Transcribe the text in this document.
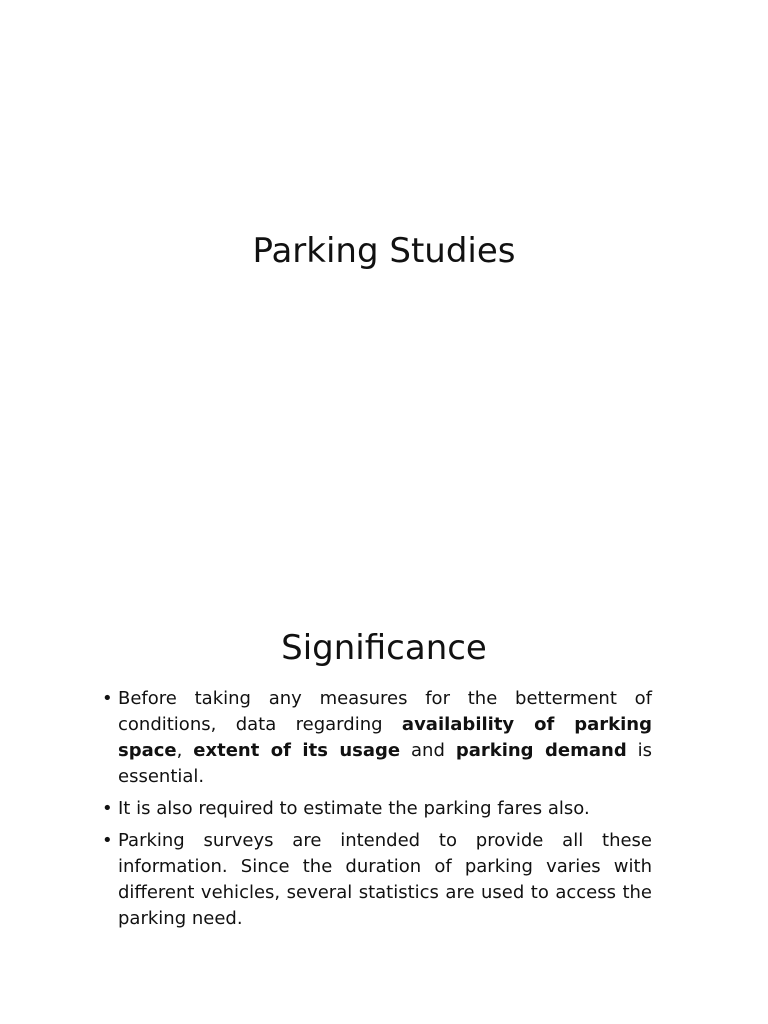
Parking Studies
Significance
• Before taking any measures for the betterment of conditions, data regarding availability of parking space, extent of its usage and parking demand is essential.
• It is also required to estimate the parking fares also.
• Parking surveys are intended to provide all these information. Since the duration of parking varies with different vehicles, several statistics are used to access the parking need.
